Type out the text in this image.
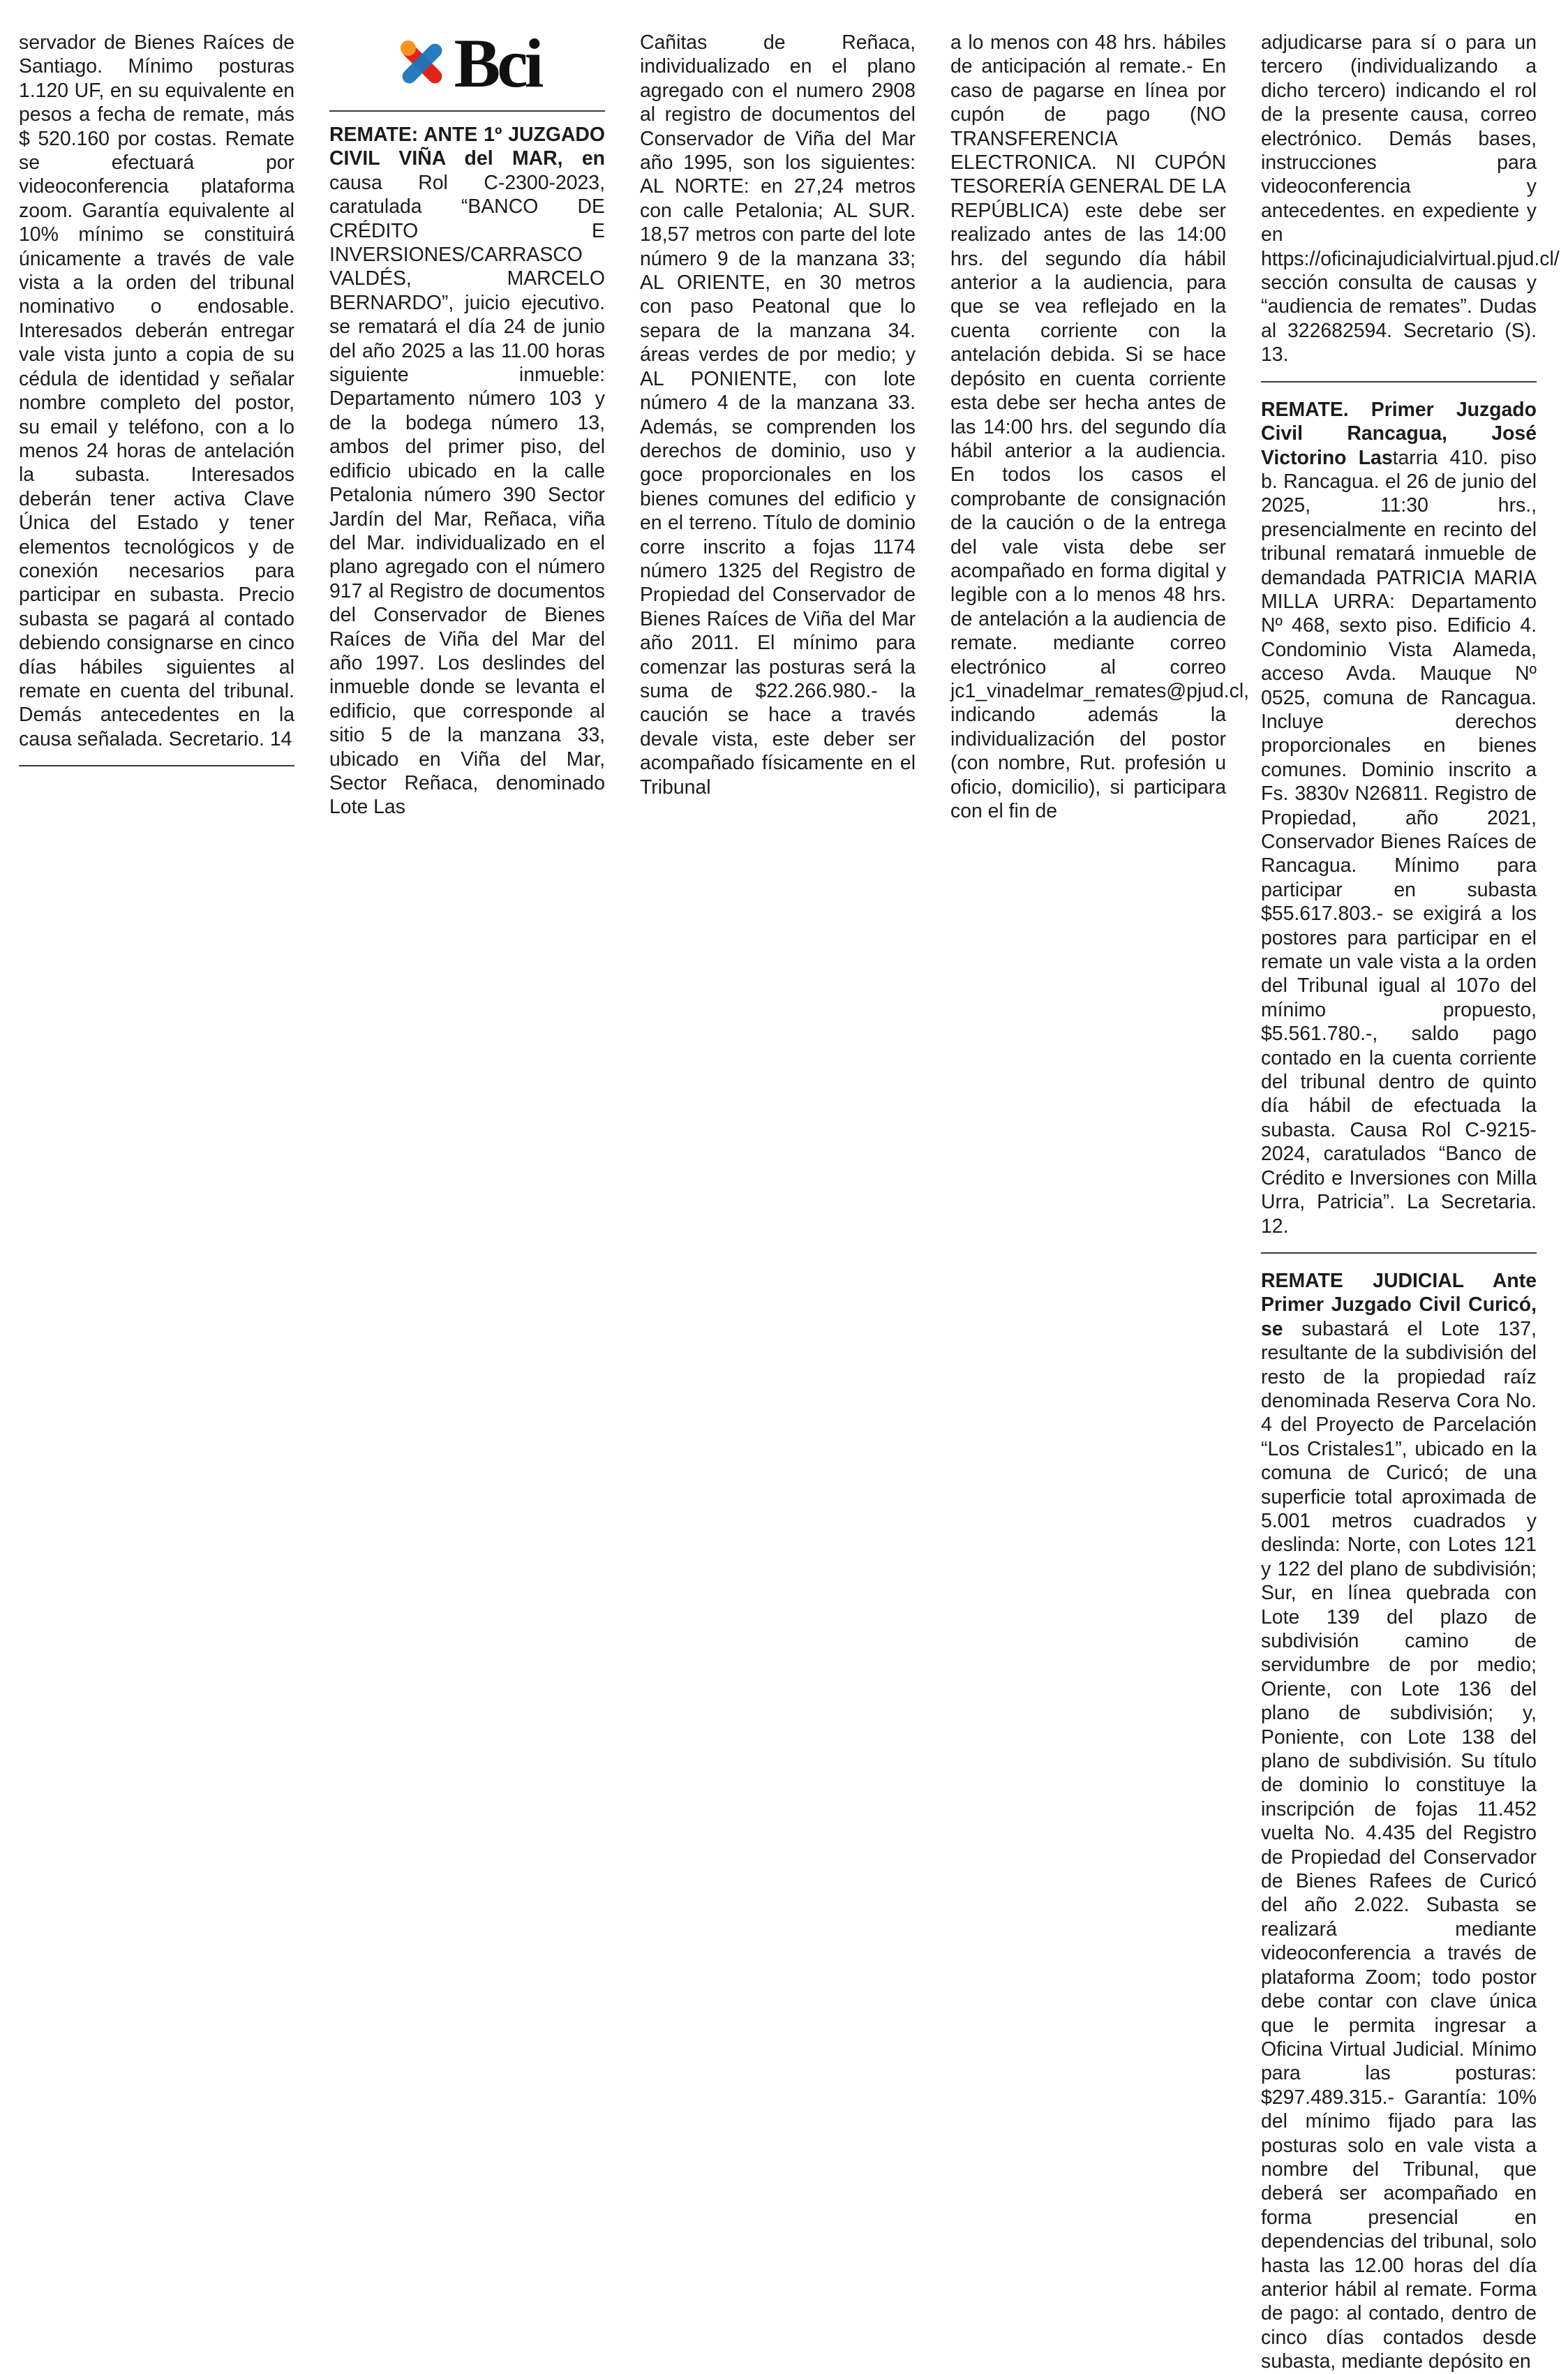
servador de Bienes Raíces de Santiago. Mínimo posturas 1.120 UF, en su equivalente en pesos a fecha de remate, más $ 520.160 por costas. Remate se efectuará por videoconferencia plataforma zoom. Garantía equivalente al 10% mínimo se constituirá únicamente a través de vale vista a la orden del tribunal nominativo o endosable. Interesados deberán entregar vale vista junto a copia de su cédula de identidad y señalar nombre completo del postor, su email y teléfono, con a lo menos 24 horas de antelación la subasta. Interesados deberán tener activa Clave Única del Estado y tener elementos tecnológicos y de conexión necesarios para participar en subasta. Precio subasta se pagará al contado debiendo consignarse en cinco días hábiles siguientes al remate en cuenta del tribunal. Demás antecedentes en la causa señalada. Secretario. 14

Bci

REMATE: ANTE 1º JUZGADO CIVIL VIÑA del MAR, en causa Rol C-2300-2023, caratulada “BANCO DE CRÉDITO E INVERSIONES/CARRASCO VALDÉS, MARCELO BERNARDO”, juicio ejecutivo. se rematará el día 24 de junio del año 2025 a las 11.00 horas siguiente inmueble: Departamento número 103 y de la bodega número 13, ambos del primer piso, del edificio ubicado en la calle Petalonia número 390 Sector Jardín del Mar, Reñaca, viña del Mar. individualizado en el plano agregado con el número 917 al Registro de documentos del Conservador de Bienes Raíces de Viña del Mar del año 1997. Los deslindes del inmueble donde se levanta el edificio, que corresponde al sitio 5 de la manzana 33, ubicado en Viña del Mar, Sector Reñaca, denominado Lote Las

Cañitas de Reñaca, individualizado en el plano agregado con el numero 2908 al registro de documentos del Conservador de Viña del Mar año 1995, son los siguientes: AL NORTE: en 27,24 metros con calle Petalonia; AL SUR. 18,57 metros con parte del lote número 9 de la manzana 33; AL ORIENTE, en 30 metros con paso Peatonal que lo separa de la manzana 34. áreas verdes de por medio; y AL PONIENTE, con lote número 4 de la manzana 33. Además, se comprenden los derechos de dominio, uso y goce proporcionales en los bienes comunes del edificio y en el terreno. Título de dominio corre inscrito a fojas 1174 número 1325 del Registro de Propiedad del Conservador de Bienes Raíces de Viña del Mar año 2011. El mínimo para comenzar las posturas será la suma de $22.266.980.- la caución se hace a través devale vista, este deber ser acompañado físicamente en el Tribunal

a lo menos con 48 hrs. hábiles de anticipación al remate.- En caso de pagarse en línea por cupón de pago (NO TRANSFERENCIA ELECTRONICA. NI CUPÓN TESORERÍA GENERAL DE LA REPÚBLICA) este debe ser realizado antes de las 14:00 hrs. del segundo día hábil anterior a la audiencia, para que se vea reflejado en la cuenta corriente con la antelación debida. Si se hace depósito en cuenta corriente esta debe ser hecha antes de las 14:00 hrs. del segundo día hábil anterior a la audiencia. En todos los casos el comprobante de consignación de la caución o de la entrega del vale vista debe ser acompañado en forma digital y legible con a lo menos 48 hrs. de antelación a la audiencia de remate. mediante correo electrónico al correo jc1_vinadelmar_remates@pjud.cl, indicando además la individualización del postor (con nombre, Rut. profesión u oficio, domicilio), si participara con el fin de

adjudicarse para sí o para un tercero (individualizando a dicho tercero) indicando el rol de la presente causa, correo electrónico. Demás bases, instrucciones para videoconferencia y antecedentes. en expediente y en https://oficinajudicialvirtual.pjud.cl/ sección consulta de causas y “audiencia de remates”. Dudas al 322682594. Secretario (S). 13.

REMATE. Primer Juzgado Civil Rancagua, José Victorino Lastarria 410. piso b. Rancagua. el 26 de junio del 2025, 11:30 hrs., presencialmente en recinto del tribunal rematará inmueble de demandada PATRICIA MARIA MILLA URRA: Departamento Nº 468, sexto piso. Edificio 4. Condominio Vista Alameda, acceso Avda. Mauque Nº 0525, comuna de Rancagua. Incluye derechos proporcionales en bienes comunes. Dominio inscrito a Fs. 3830v N26811. Registro de Propiedad, año 2021, Conservador Bienes Raíces de Rancagua. Mínimo para participar en subasta $55.617.803.- se exigirá a los postores para participar en el remate un vale vista a la orden del Tribunal igual al 107o del mínimo propuesto, $5.561.780.-, saldo pago contado en la cuenta corriente del tribunal dentro de quinto día hábil de efectuada la subasta. Causa Rol C-9215-2024, caratulados “Banco de Crédito e Inversiones con Milla Urra, Patricia”. La Secretaria. 12.

REMATE JUDICIAL Ante Primer Juzgado Civil Curicó, se subastará el Lote 137, resultante de la subdivisión del resto de la propiedad raíz denominada Reserva Cora No. 4 del Proyecto de Parcelación “Los Cristales1”, ubicado en la comuna de Curicó; de una superficie total aproximada de 5.001 metros cuadrados y deslinda: Norte, con Lotes 121 y 122 del plano de subdivisión; Sur, en línea quebrada con Lote 139 del plazo de subdivisión camino de servidumbre de por medio; Oriente, con Lote 136 del plano de subdivisión; y, Poniente, con Lote 138 del plano de subdivisión. Su título de dominio lo constituye la inscripción de fojas 11.452 vuelta No. 4.435 del Registro de Propiedad del Conservador de Bienes Rafees de Curicó del año 2.022. Subasta se realizará mediante videoconferencia a través de plataforma Zoom; todo postor debe contar con clave única que le permita ingresar a Oficina Virtual Judicial. Mínimo para las posturas: $297.489.315.- Garantía: 10% del mínimo fijado para las posturas solo en vale vista a nombre del Tribunal, que deberá ser acompañado en forma presencial en dependencias del tribunal, solo hasta las 12.00 horas del día anterior hábil al remate. Forma de pago: al contado, dentro de cinco días contados desde subasta, mediante depósito en
